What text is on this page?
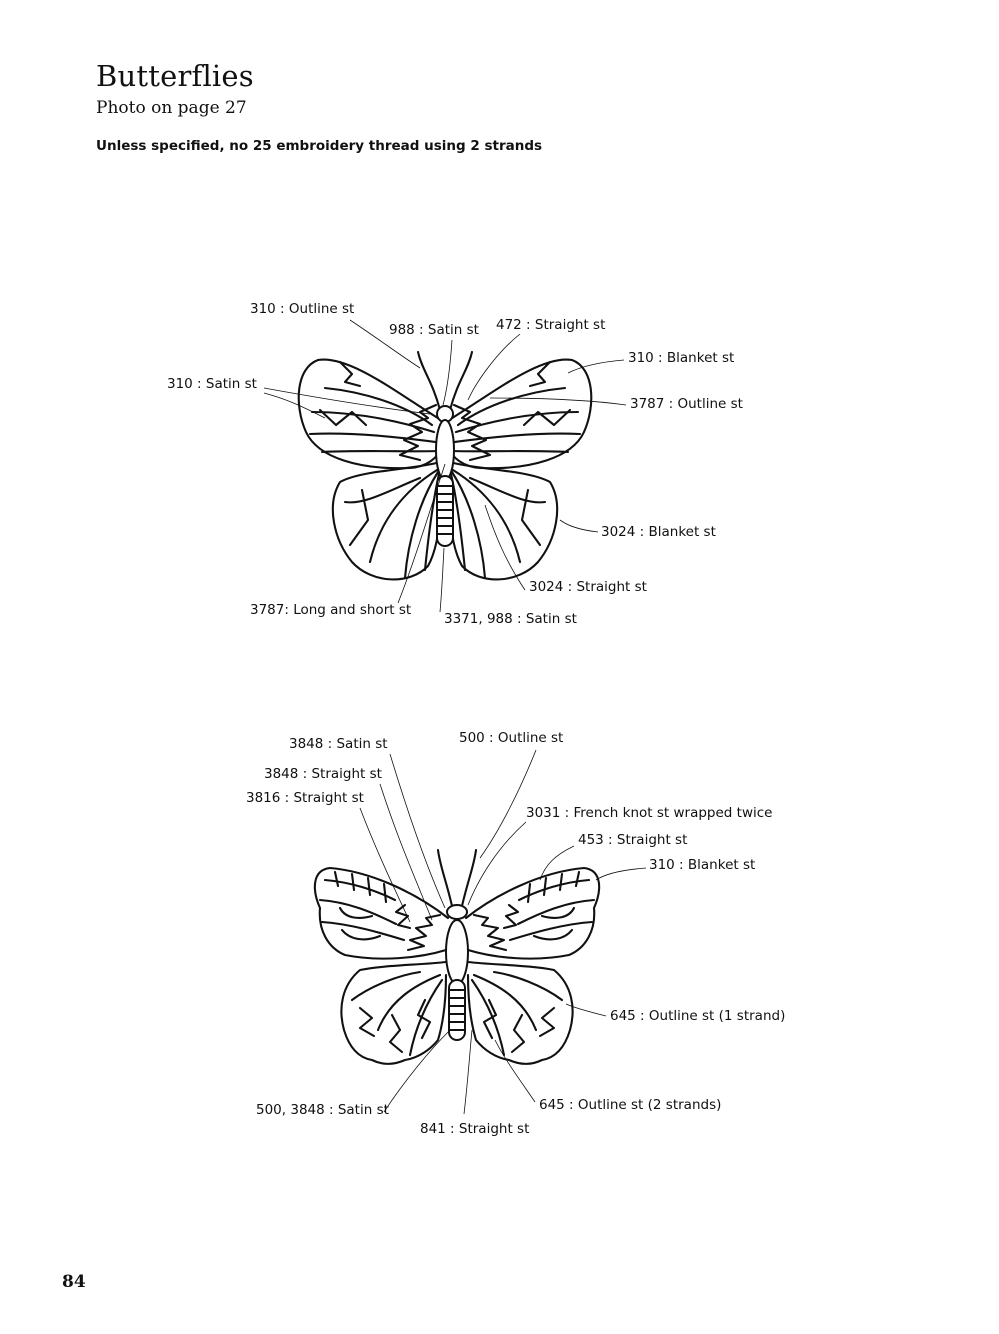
Butterflies
Photo on page 27
Unless specified, no 25 embroidery thread using 2 strands
310 : Outline st
988 : Satin st 472 : Straight st
310 : Blanket st
310 : Satin st
3787 : Outline st
3024 : Blanket st
3024 : Straight st
3787: Long and short st
3371, 988 : Satin st
3848 : Satin st	500 : Outline st
3848 : Straight st
3816 : Straight st
3031 : French knot st wrapped twice
453 : Straight st
310 : Blanket st
645 : Outline st (1 strand)
645 : Outline st (2 strands)
500, 3848 : Satin st
841 : Straight st
84
